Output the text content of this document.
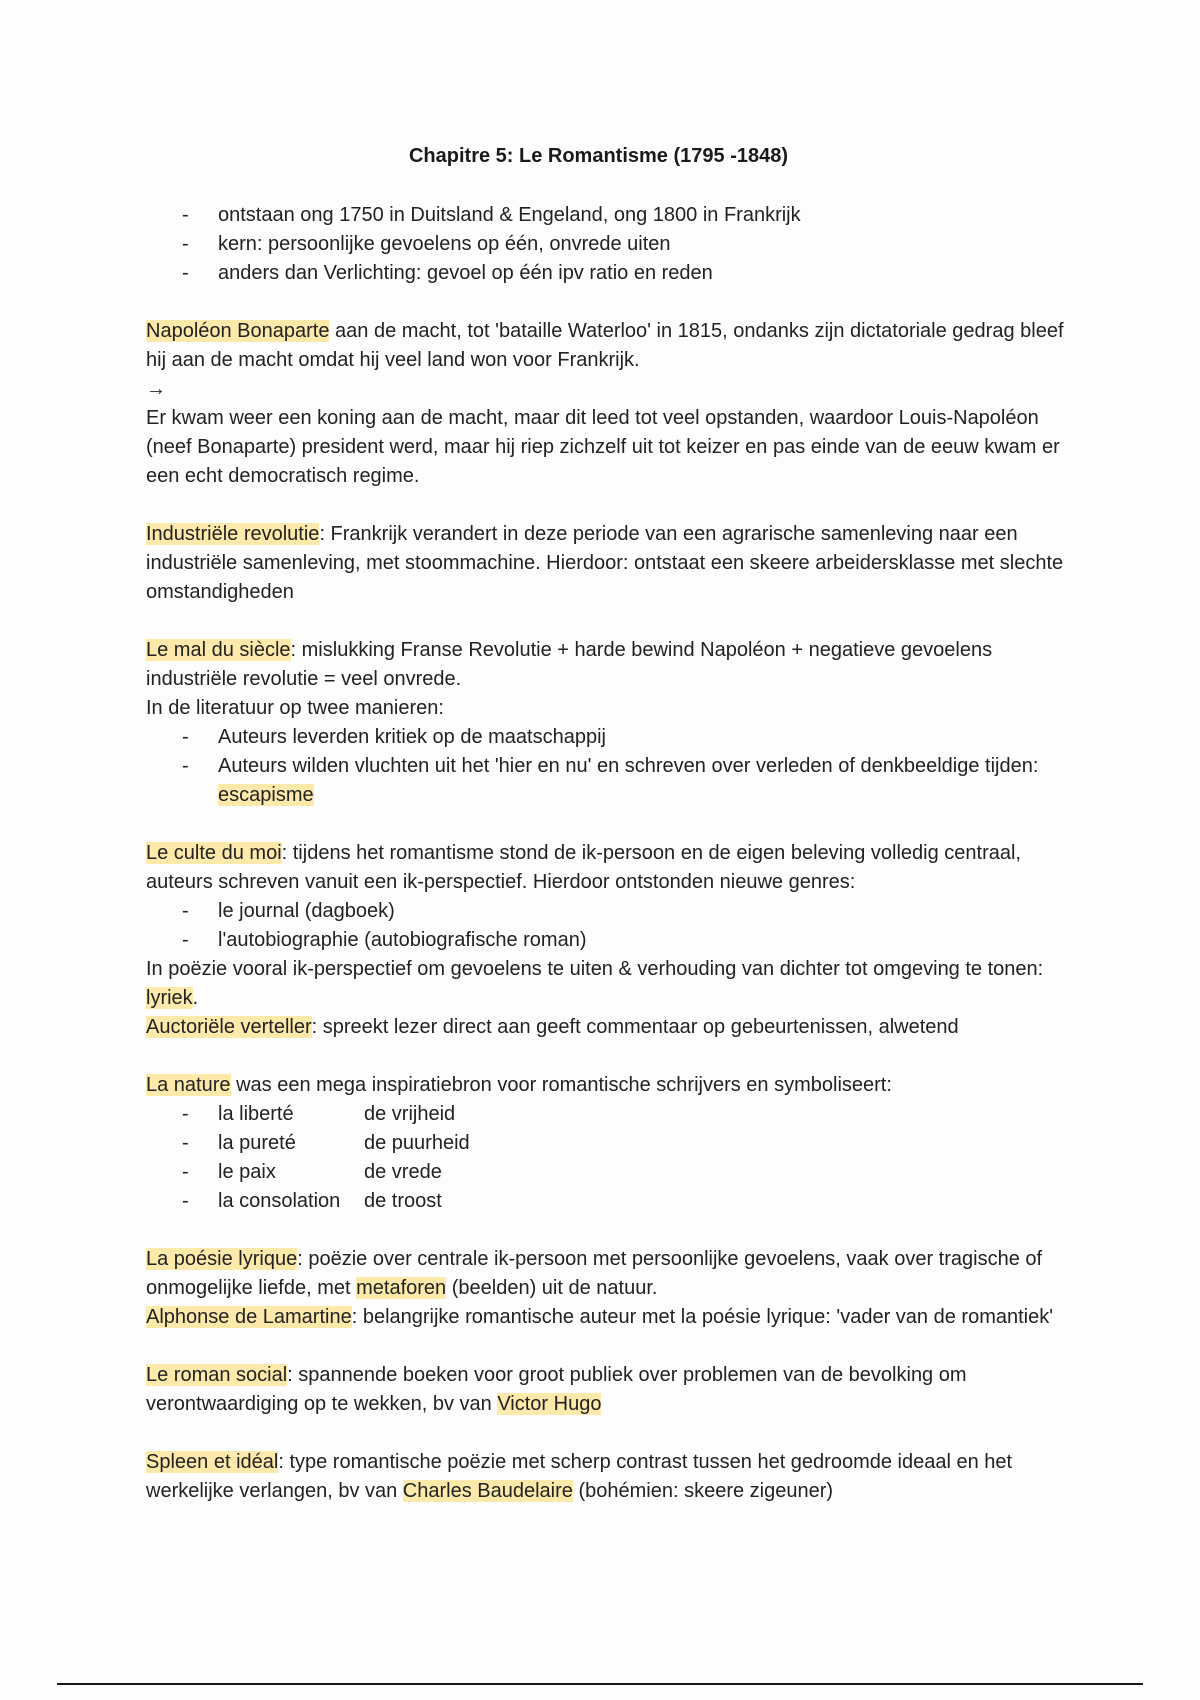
Chapitre 5: Le Romantisme (1795 -1848)
- ontstaan ong 1750 in Duitsland & Engeland, ong 1800 in Frankrijk
- kern: persoonlijke gevoelens op één, onvrede uiten
- anders dan Verlichting: gevoel op één ipv ratio en reden

Napoléon Bonaparte aan de macht, tot 'bataille Waterloo' in 1815, ondanks zijn dictatoriale gedrag bleef hij aan de macht omdat hij veel land won voor Frankrijk.

→

Er kwam weer een koning aan de macht, maar dit leed tot veel opstanden, waardoor Louis-Napoléon (neef Bonaparte) president werd, maar hij riep zichzelf uit tot keizer en pas einde van de eeuw kwam er een echt democratisch regime.

Industriële revolutie: Frankrijk verandert in deze periode van een agrarische samenleving naar een industriële samenleving, met stoommachine. Hierdoor: ontstaat een skeere arbeidersklasse met slechte omstandigheden

Le mal du siècle: mislukking Franse Revolutie + harde bewind Napoléon + negatieve gevoelens industriële revolutie = veel onvrede.

In de literatuur op twee manieren:

- Auteurs leverden kritiek op de maatschappij
- Auteurs wilden vluchten uit het 'hier en nu' en schreven over verleden of denkbeeldige tijden: escapisme

Le culte du moi: tijdens het romantisme stond de ik-persoon en de eigen beleving volledig centraal, auteurs schreven vanuit een ik-perspectief. Hierdoor ontstonden nieuwe genres:

- le journal (dagboek)
- l'autobiographie (autobiografische roman)

In poëzie vooral ik-perspectief om gevoelens te uiten & verhouding van dichter tot omgeving te tonen: lyriek.

Auctoriële verteller: spreekt lezer direct aan geeft commentaar op gebeurtenissen, alwetend

La nature was een mega inspiratiebron voor romantische schrijvers en symboliseert:

- la liberté	de vrijheid
- la pureté	de puurheid
- le paix	de vrede
- la consolation de troost

La poésie lyrique: poëzie over centrale ik-persoon met persoonlijke gevoelens, vaak over tragische of onmogelijke liefde, met metaforen (beelden) uit de natuur.

Alphonse de Lamartine: belangrijke romantische auteur met la poésie lyrique: 'vader van de romantiek'

Le roman social: spannende boeken voor groot publiek over problemen van de bevolking om verontwaardiging op te wekken, bv van Victor Hugo

Spleen et idéal: type romantische poëzie met scherp contrast tussen het gedroomde ideaal en het werkelijke verlangen, bv van Charles Baudelaire (bohémien: skeere zigeuner)
